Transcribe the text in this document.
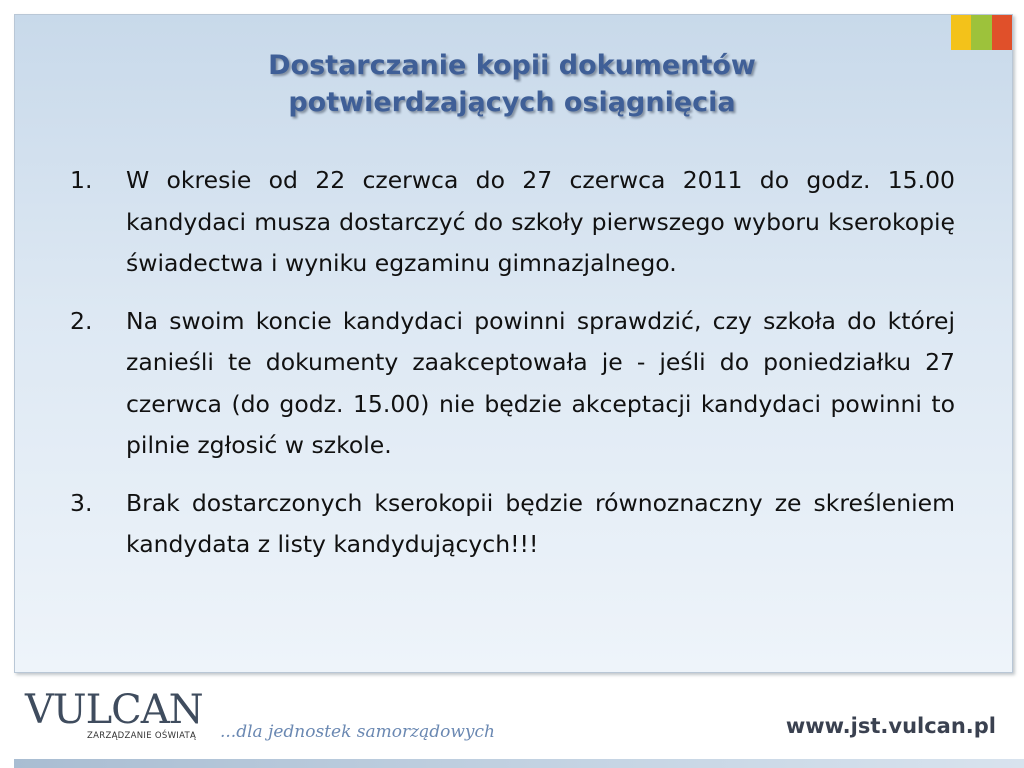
Dostarczanie kopii dokumentów
potwierdzających osiągnięcia
1. W okresie od 22 czerwca do 27 czerwca 2011 do godz. 15.00 kandydaci musza dostarczyć do szkoły pierwszego wyboru kserokopię świadectwa i wyniku egzaminu gimnazjalnego.
2. Na swoim koncie kandydaci powinni sprawdzić, czy szkoła do której zanieśli te dokumenty zaakceptowała je - jeśli do poniedziałku 27 czerwca (do godz. 15.00) nie będzie akceptacji kandydaci powinni to pilnie zgłosić w szkole.
3. Brak dostarczonych kserokopii będzie równoznaczny ze skreśleniem kandydata z listy kandydujących!!!
VULCAN
ZARZĄDZANIE OŚWIATĄ ...dla jednostek samorządowych	www.jst.vulcan.pl
